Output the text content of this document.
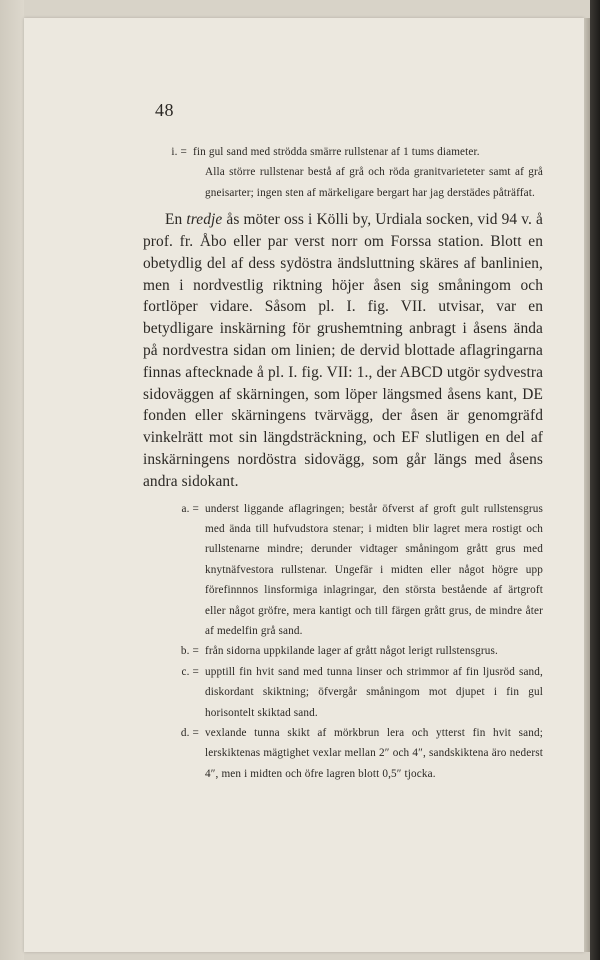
48
i. = fin gul sand med strödda smärre rullstenar af 1 tums diameter.
Alla större rullstenar bestå af grå och röda granitvarieteter samt af grå gneisarter; ingen sten af märkeligare bergart har jag derstädes påträffat.

En tredje ås möter oss i Kölli by, Urdiala socken, vid 94 v. å prof. fr. Åbo eller par verst norr om Forssa station. Blott en obetydlig del af dess sydöstra ändsluttning skäres af banlinien, men i nordvestlig riktning höjer åsen sig småningom och fortlöper vidare. Såsom pl. I. fig. VII. utvisar, var en betydligare inskärning för grushemtning anbragt i åsens ända på nordvestra sidan om linien; de dervid blottade aflagringarna finnas aftecknade å pl. I. fig. VII: 1., der ABCD utgör sydvestra sidoväggen af skärningen, som löper längsmed åsens kant, DE fonden eller skärningens tvärvägg, der åsen är genomgräfd vinkelrätt mot sin längdsträckning, och EF slutligen en del af inskärningens nordöstra sidovägg, som går längs med åsens andra sidokant.

a. = underst liggande aflagringen; består öfverst af groft gult rullstensgrus med ända till hufvudstora stenar; i midten blir lagret mera rostigt och rullstenarne mindre; derunder vidtager småningom grått grus med knytnäfvestora rullstenar. Ungefär i midten eller något högre upp förefinnnos linsformiga inlagringar, den största bestående af ärtgroft eller något gröfre, mera kantigt och till färgen grått grus, de mindre åter af medelfin grå sand.
b. = från sidorna uppkilande lager af grått något lerigt rullstensgrus.
c. = upptill fin hvit sand med tunna linser och strimmor af fin ljusröd sand, diskordant skiktning; öfvergår småningom mot djupet i fin gul horisontelt skiktad sand.
d. = vexlande tunna skikt af mörkbrun lera och ytterst fin hvit sand; lerskiktenas mägtighet vexlar mellan 2″ och 4″, sandskiktena äro nederst 4″, men i midten och öfre lagren blott 0,5″ tjocka.
